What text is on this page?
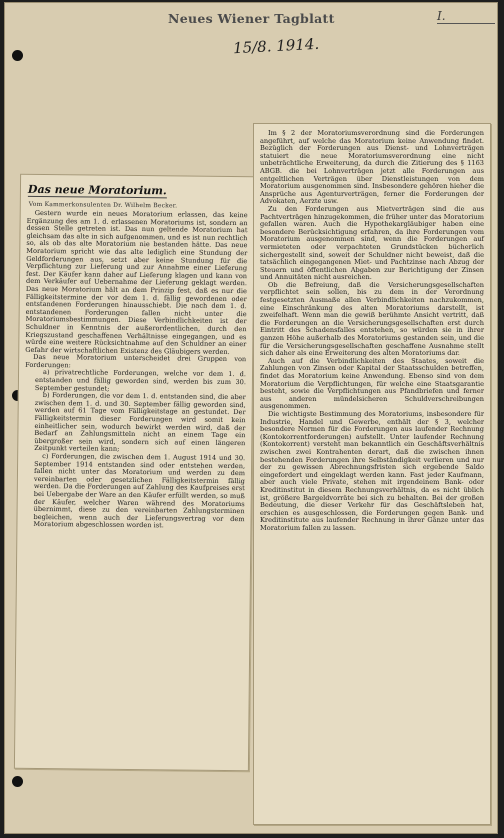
Neues Wiener Tagblatt	I.
15/8. 1914.
Das neue Moratorium.
Vom Kammerkonsulenten Dr. Wilhelm Becker.

Gestern wurde ein neues Moratorium erlassen, das keine Ergänzung des am 1. d. erlassenen Moratoriums ist, sondern an dessen Stelle getreten ist. Das nun geltende Moratorium hat gleichsam das alte in sich aufgenommen, und es ist nun rechtlich so, als ob das alte Moratorium nie bestanden hätte. Das neue Moratorium spricht wie das alte lediglich eine Stundung der Geldforderungen aus, setzt aber keine Stundung für die Verpflichtung zur Lieferung und zur Annahme einer Lieferung fest. Der Käufer kann daher auf Lieferung klagen und kann von dem Verkäufer auf Uebernahme der Lieferung geklagt werden. Das neue Moratorium hält an dem Prinzip fest, daß es nur die Fälligkeitstermine der vor dem 1. d. fällig gewordenen oder entstandenen Forderungen hinausschiebt. Die nach dem 1. d. entstandenen Forderungen fallen nicht unter die Moratoriumsbestimmungen. Diese Verbindlichkeiten ist der Schuldner in Kenntnis der außerordentlichen, durch den Kriegszustand geschaffenen Verhältnisse eingegangen, und es würde eine weitere Rücksichtnahme auf den Schuldner an einer Gefahr der wirtschaftlichen Existenz des Gläubigers werden.

Das neue Moratorium unterscheidet drei Gruppen von Forderungen:

a) privatrechtliche Forderungen, welche vor dem 1. d. entstanden und fällig geworden sind, werden bis zum 30. September gestundet;

b) Forderungen, die vor dem 1. d. entstanden sind, die aber zwischen dem 1. d. und 30. September fällig geworden sind, werden auf 61 Tage vom Fälligkeitstage an gestundet. Der Fälligkeitstermin dieser Forderungen wird somit kein einheitlicher sein, wodurch bewirkt werden wird, daß der Bedarf an Zahlungsmitteln nicht an einem Tage ein übergroßer sein wird, sondern sich auf einen längeren Zeitpunkt verteilen kann;

c) Forderungen, die zwischen dem 1. August 1914 und 30. September 1914 entstanden sind oder entstehen werden, fallen nicht unter das Moratorium und werden zu dem vereinbarten oder gesetzlichen Fälligkeitstermin fällig werden. Da die Forderungen auf Zahlung des Kaufpreises erst bei Uebergabe der Ware an den Käufer erfüllt werden, so muß der Käufer, welcher Waren während des Moratoriums übernimmt, diese zu den vereinbarten Zahlungsterminen begleichen, wenn auch der Lieferungsvertrag vor dem Moratorium abgeschlossen worden ist.

Im § 2 der Moratoriumsverordnung sind die Forderungen angeführt, auf welche das Moratorium keine Anwendung findet. Bezüglich der Forderungen aus Dienst- und Lohnverträgen statuiert die neue Moratoriumsverordnung eine nicht unbeträchtliche Erweiterung, da durch die Zitierung des § 1163 ABGB. die bei Lohnverträgen jetzt alle Forderungen aus entgeltlichen Verträgen über Dienstleistungen von dem Moratorium ausgenommen sind. Insbesondere gehören hieher die Ansprüche aus Agenturverträgen, ferner die Forderungen der Advokaten, Aerzte usw.

Zu den Forderungen aus Mietverträgen sind die aus Pachtverträgen hinzugekommen, die früher unter das Moratorium gefallen waren. Auch die Hypothekargläubiger haben eine besondere Berücksichtigung erfahren, da ihre Forderungen vom Moratorium ausgenommen sind, wenn die Forderungen auf vermieteten oder verpachteten Grundstücken bücherlich sichergestellt sind, soweit der Schuldner nicht beweist, daß die tatsächlich eingegangenen Miet- und Pachtzinse nach Abzug der Steuern und öffentlichen Abgaben zur Berichtigung der Zinsen und Annuitäten nicht ausreichen.

Ob die Befreiung, daß die Versicherungsgesellschaften verpflichtet sein sollen, bis zu dem in der Verordnung festgesetzten Ausmaße allen Verbindlichkeiten nachzukommen, eine Einschränkung des alten Moratoriums darstellt, ist zweifelhaft. Wenn man die gewiß berühmte Ansicht vertritt, daß die Forderungen an die Versicherungsgesellschaften erst durch Eintritt des Schadensfalles entstehen, so würden sie in ihrer ganzen Höhe außerhalb des Moratoriums gestanden sein, und die für die Versicherungsgesellschaften geschaffene Ausnahme stellt sich daher als eine Erweiterung des alten Moratoriums dar.

Auch auf die Verbindlichkeiten des Staates, soweit die Zahlungen von Zinsen oder Kapital der Staatsschulden betreffen, findet das Moratorium keine Anwendung. Ebenso sind von dem Moratorium die Verpflichtungen, für welche eine Staatsgarantie besteht, sowie die Verpflichtungen aus Pfandbriefen und ferner aus anderen mündelsicheren Schuldverschreibungen ausgenommen.

Die wichtigste Bestimmung des Moratoriums, insbesondere für Industrie, Handel und Gewerbe, enthält der § 3, welcher besondere Normen für die Forderungen aus laufender Rechnung (Kontokorrentforderungen) aufstellt. Unter laufender Rechnung (Kontokorrent) versteht man bekanntlich ein Geschäftsverhältnis zwischen zwei Kontrahenten derart, daß die zwischen ihnen bestehenden Forderungen ihre Selbständigkeit verlieren und nur der zu gewissen Abrechnungsfristen sich ergebende Saldo eingefordert und eingeklagt werden kann. Fast jeder Kaufmann, aber auch viele Private, stehen mit irgendeinem Bank- oder Kreditinstitut in diesem Rechnungsverhältnis, da es nicht üblich ist, größere Bargeldvorräte bei sich zu behalten. Bei der großen Bedeutung, die dieser Verkehr für das Geschäftsleben hat, erschien es ausgeschlossen, die Forderungen gegen Bank- und Kreditinstitute aus laufender Rechnung in ihrer Gänze unter das Moratorium fallen zu lassen.
